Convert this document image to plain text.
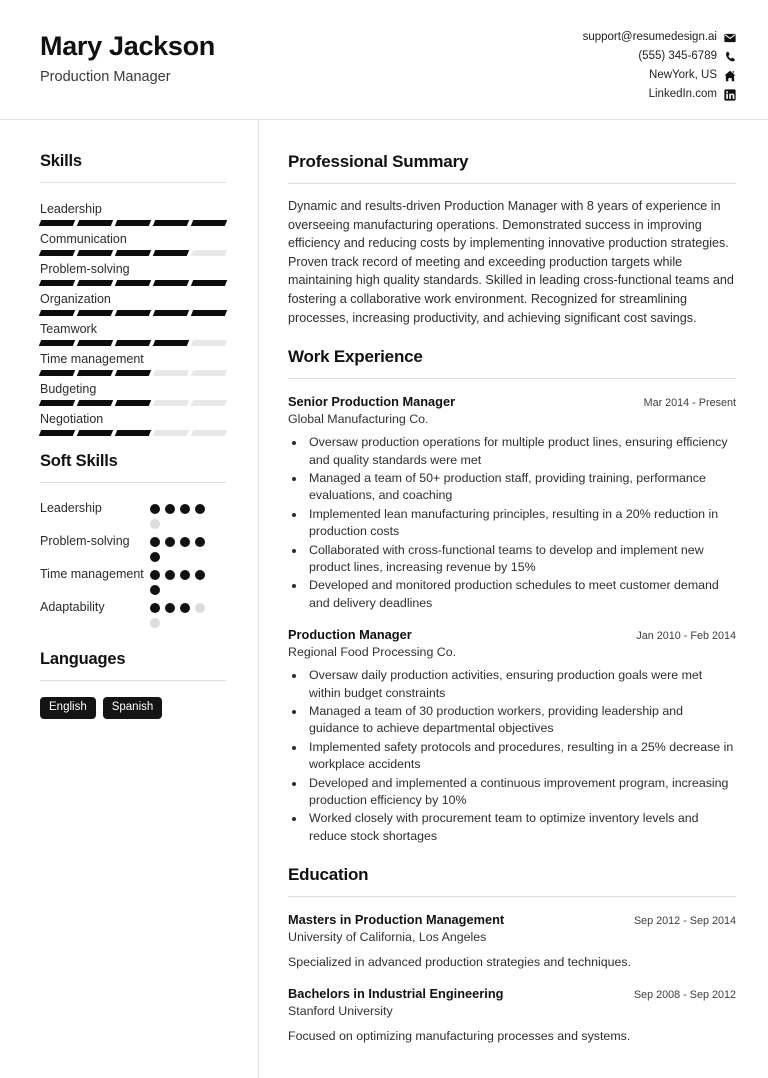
Mary Jackson
Production Manager
support@resumedesign.ai
(555) 345-6789
NewYork, US
LinkedIn.com
Skills
Leadership
Communication
Problem-solving
Organization
Teamwork
Time management
Budgeting
Negotiation
Soft Skills
Leadership
Problem-solving
Time management
Adaptability
Languages
English	Spanish
Professional Summary

Dynamic and results-driven Production Manager with 8 years of experience in overseeing manufacturing operations. Demonstrated success in improving efficiency and reducing costs by implementing innovative production strategies. Proven track record of meeting and exceeding production targets while maintaining high quality standards. Skilled in leading cross-functional teams and fostering a collaborative work environment. Recognized for streamlining processes, increasing productivity, and achieving significant cost savings.

Work Experience
Senior Production Manager	Mar 2014 - Present
Global Manufacturing Co.
• Oversaw production operations for multiple product lines, ensuring efficiency and quality standards were met
• Managed a team of 50+ production staff, providing training, performance evaluations, and coaching
• Implemented lean manufacturing principles, resulting in a 20% reduction in production costs
• Collaborated with cross-functional teams to develop and implement new product lines, increasing revenue by 15%
• Developed and monitored production schedules to meet customer demand and delivery deadlines
Production Manager	Jan 2010 - Feb 2014
Regional Food Processing Co.
• Oversaw daily production activities, ensuring production goals were met within budget constraints
• Managed a team of 30 production workers, providing leadership and guidance to achieve departmental objectives
• Implemented safety protocols and procedures, resulting in a 25% decrease in workplace accidents
• Developed and implemented a continuous improvement program, increasing production efficiency by 10%
• Worked closely with procurement team to optimize inventory levels and reduce stock shortages
Education
Masters in Production Management	Sep 2012 - Sep 2014
University of California, Los Angeles
Specialized in advanced production strategies and techniques.
Bachelors in Industrial Engineering	Sep 2008 - Sep 2012
Stanford University
Focused on optimizing manufacturing processes and systems.
